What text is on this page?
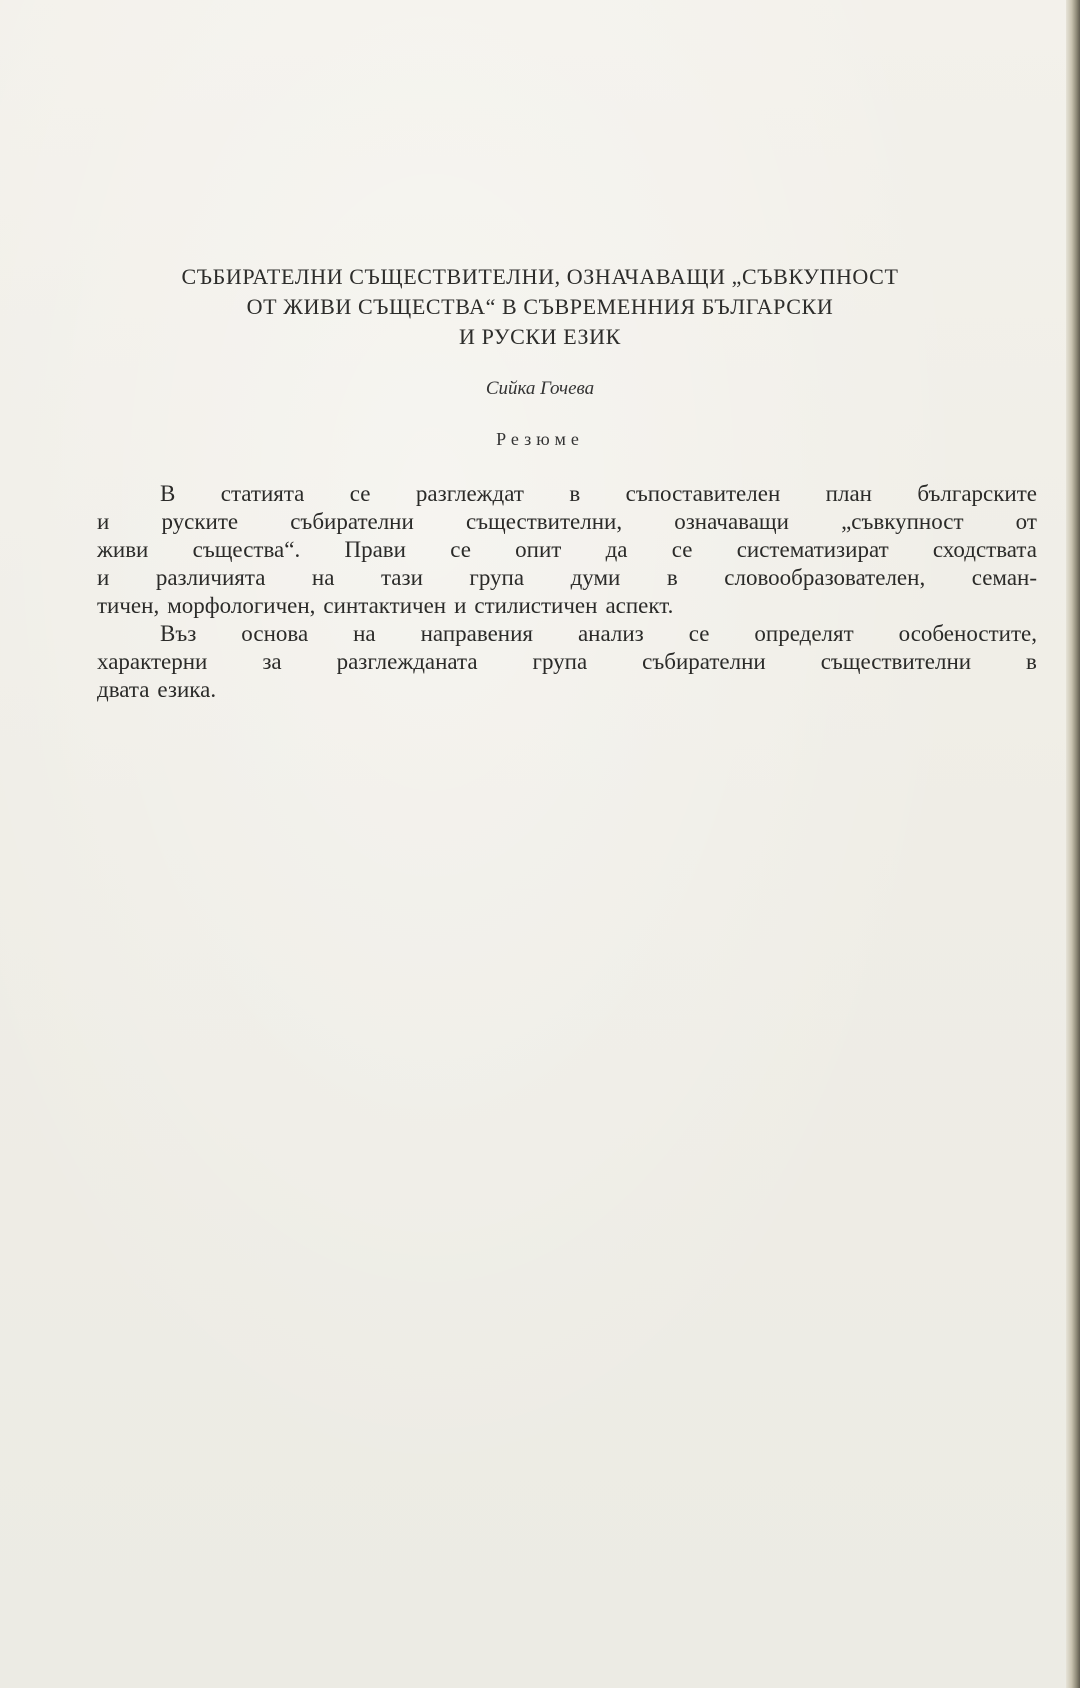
СЪБИРАТЕЛНИ СЪЩЕСТВИТЕЛНИ, ОЗНАЧАВАЩИ „СЪВКУПНОСТ
ОТ ЖИВИ СЪЩЕСТВА“ В СЪВРЕМЕННИЯ БЪЛГАРСКИ
И РУСКИ ЕЗИК
Сийка Гочева
Резюме
В статията се разглеждат в съпоставителен план българските
и руските събирателни съществителни, означаващи „съвкупност от
живи същества“. Прави се опит да се систематизират сходствата
и различията на тази група думи в словообразователен, семан-
тичен, морфологичен, синтактичен и стилистичен аспект.
Въз основа на направения анализ се определят особеностите,
характерни за разглежданата група събирателни съществителни в
двата езика.
